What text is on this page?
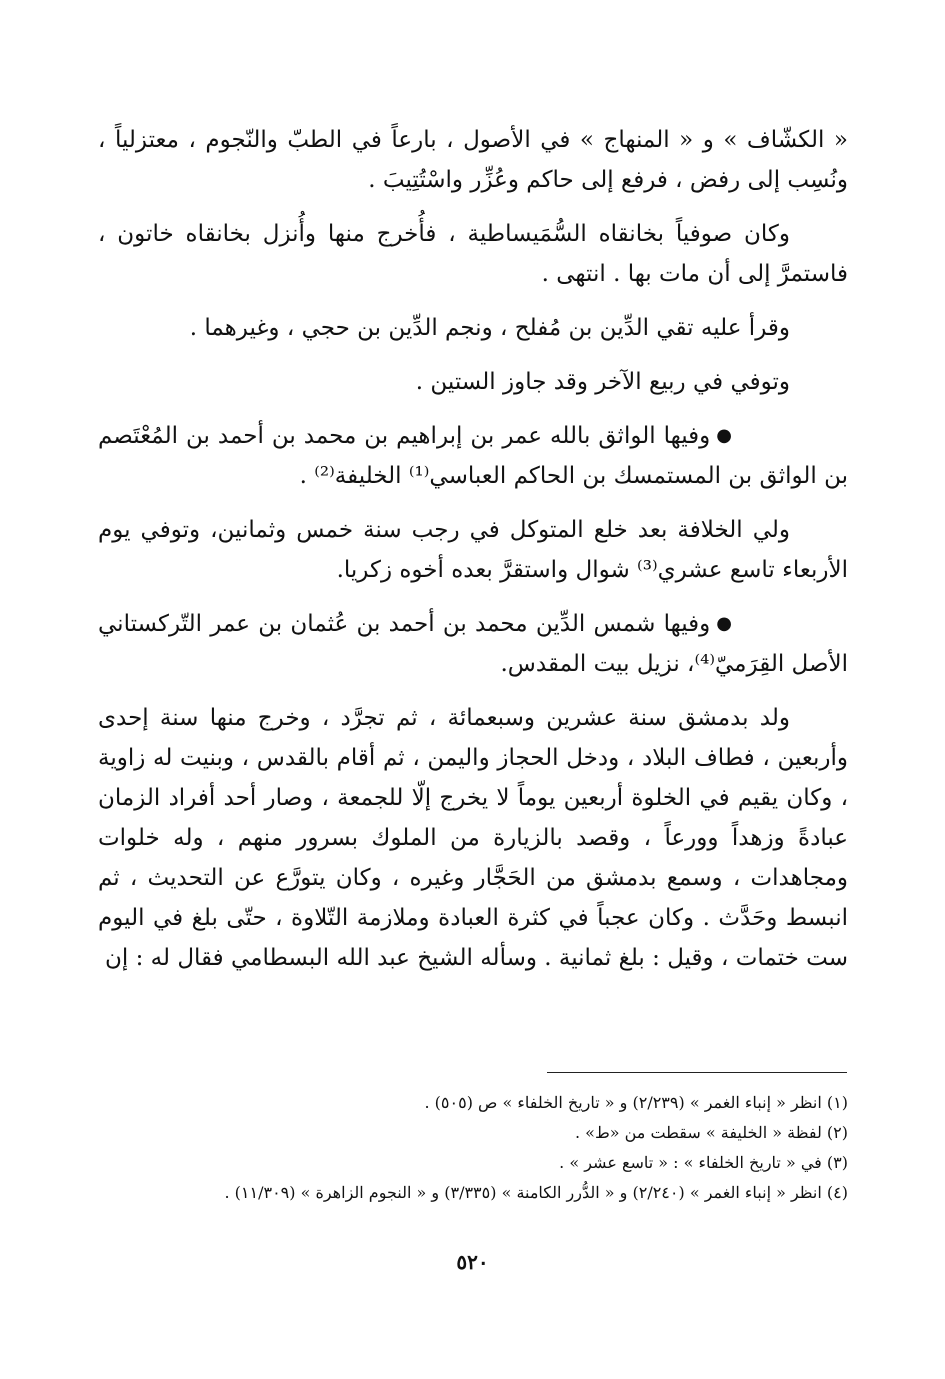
« الكشّاف » و « المنهاج » في الأصول ، بارعاً في الطبّ والنّجوم ، معتزلياً ، ونُسِب إلى رفض ، فرفع إلى حاكم وعُزِّر واسْتُتِيبَ .

وكان صوفياً بخانقاه السُّمَيساطية ، فأُخرج منها وأُنزل بخانقاه خاتون ، فاستمرَّ إلى أن مات بها . انتهى .

وقرأ عليه تقي الدِّين بن مُفلح ، ونجم الدِّين بن حجي ، وغيرهما .

وتوفي في ربيع الآخر وقد جاوز الستين .

●وفيها الواثق بالله عمر بن إبراهيم بن محمد بن أحمد بن المُعْتَصم بن الواثق بن المستمسك بن الحاكم العباسي⁽¹⁾ الخليفة⁽²⁾ .

ولي الخلافة بعد خلع المتوكل في رجب سنة خمس وثمانين، وتوفي يوم الأربعاء تاسع عشري⁽³⁾ شوال واستقرَّ بعده أخوه زكريا.

●وفيها شمس الدِّين محمد بن أحمد بن عُثمان بن عمر التّركستاني الأصل القِرَميّ⁽⁴⁾، نزيل بيت المقدس.

ولد بدمشق سنة عشرين وسبعمائة ، ثم تجرَّد ، وخرج منها سنة إحدى وأربعين ، فطاف البلاد ، ودخل الحجاز واليمن ، ثم أقام بالقدس ، وبنيت له زاوية ، وكان يقيم في الخلوة أربعين يوماً لا يخرج إلّا للجمعة ، وصار أحد أفراد الزمان عبادةً وزهداً وورعاً ، وقصد بالزيارة من الملوك بسرور منهم ، وله خلوات ومجاهدات ، وسمع بدمشق من الحَجَّار وغيره ، وكان يتورَّع عن التحديث ، ثم انبسط وحَدَّث . وكان عجباً في كثرة العبادة وملازمة التّلاوة ، حتّى بلغ في اليوم ست ختمات ، وقيل : بلغ ثمانية . وسأله الشيخ عبد الله البسطامي فقال له : إن

(١) انظر « إنباء الغمر » (٢/٢٣٩) و « تاريخ الخلفاء » ص (٥٠٥) .

(٢) لفظة « الخليفة » سقطت من «ط» .

(٣) في « تاريخ الخلفاء » : « تاسع عشر » .

(٤) انظر « إنباء الغمر » (٢/٢٤٠) و « الدُّرر الكامنة » (٣/٣٣٥) و « النجوم الزاهرة » (١١/٣٠٩) .

٥٢٠
